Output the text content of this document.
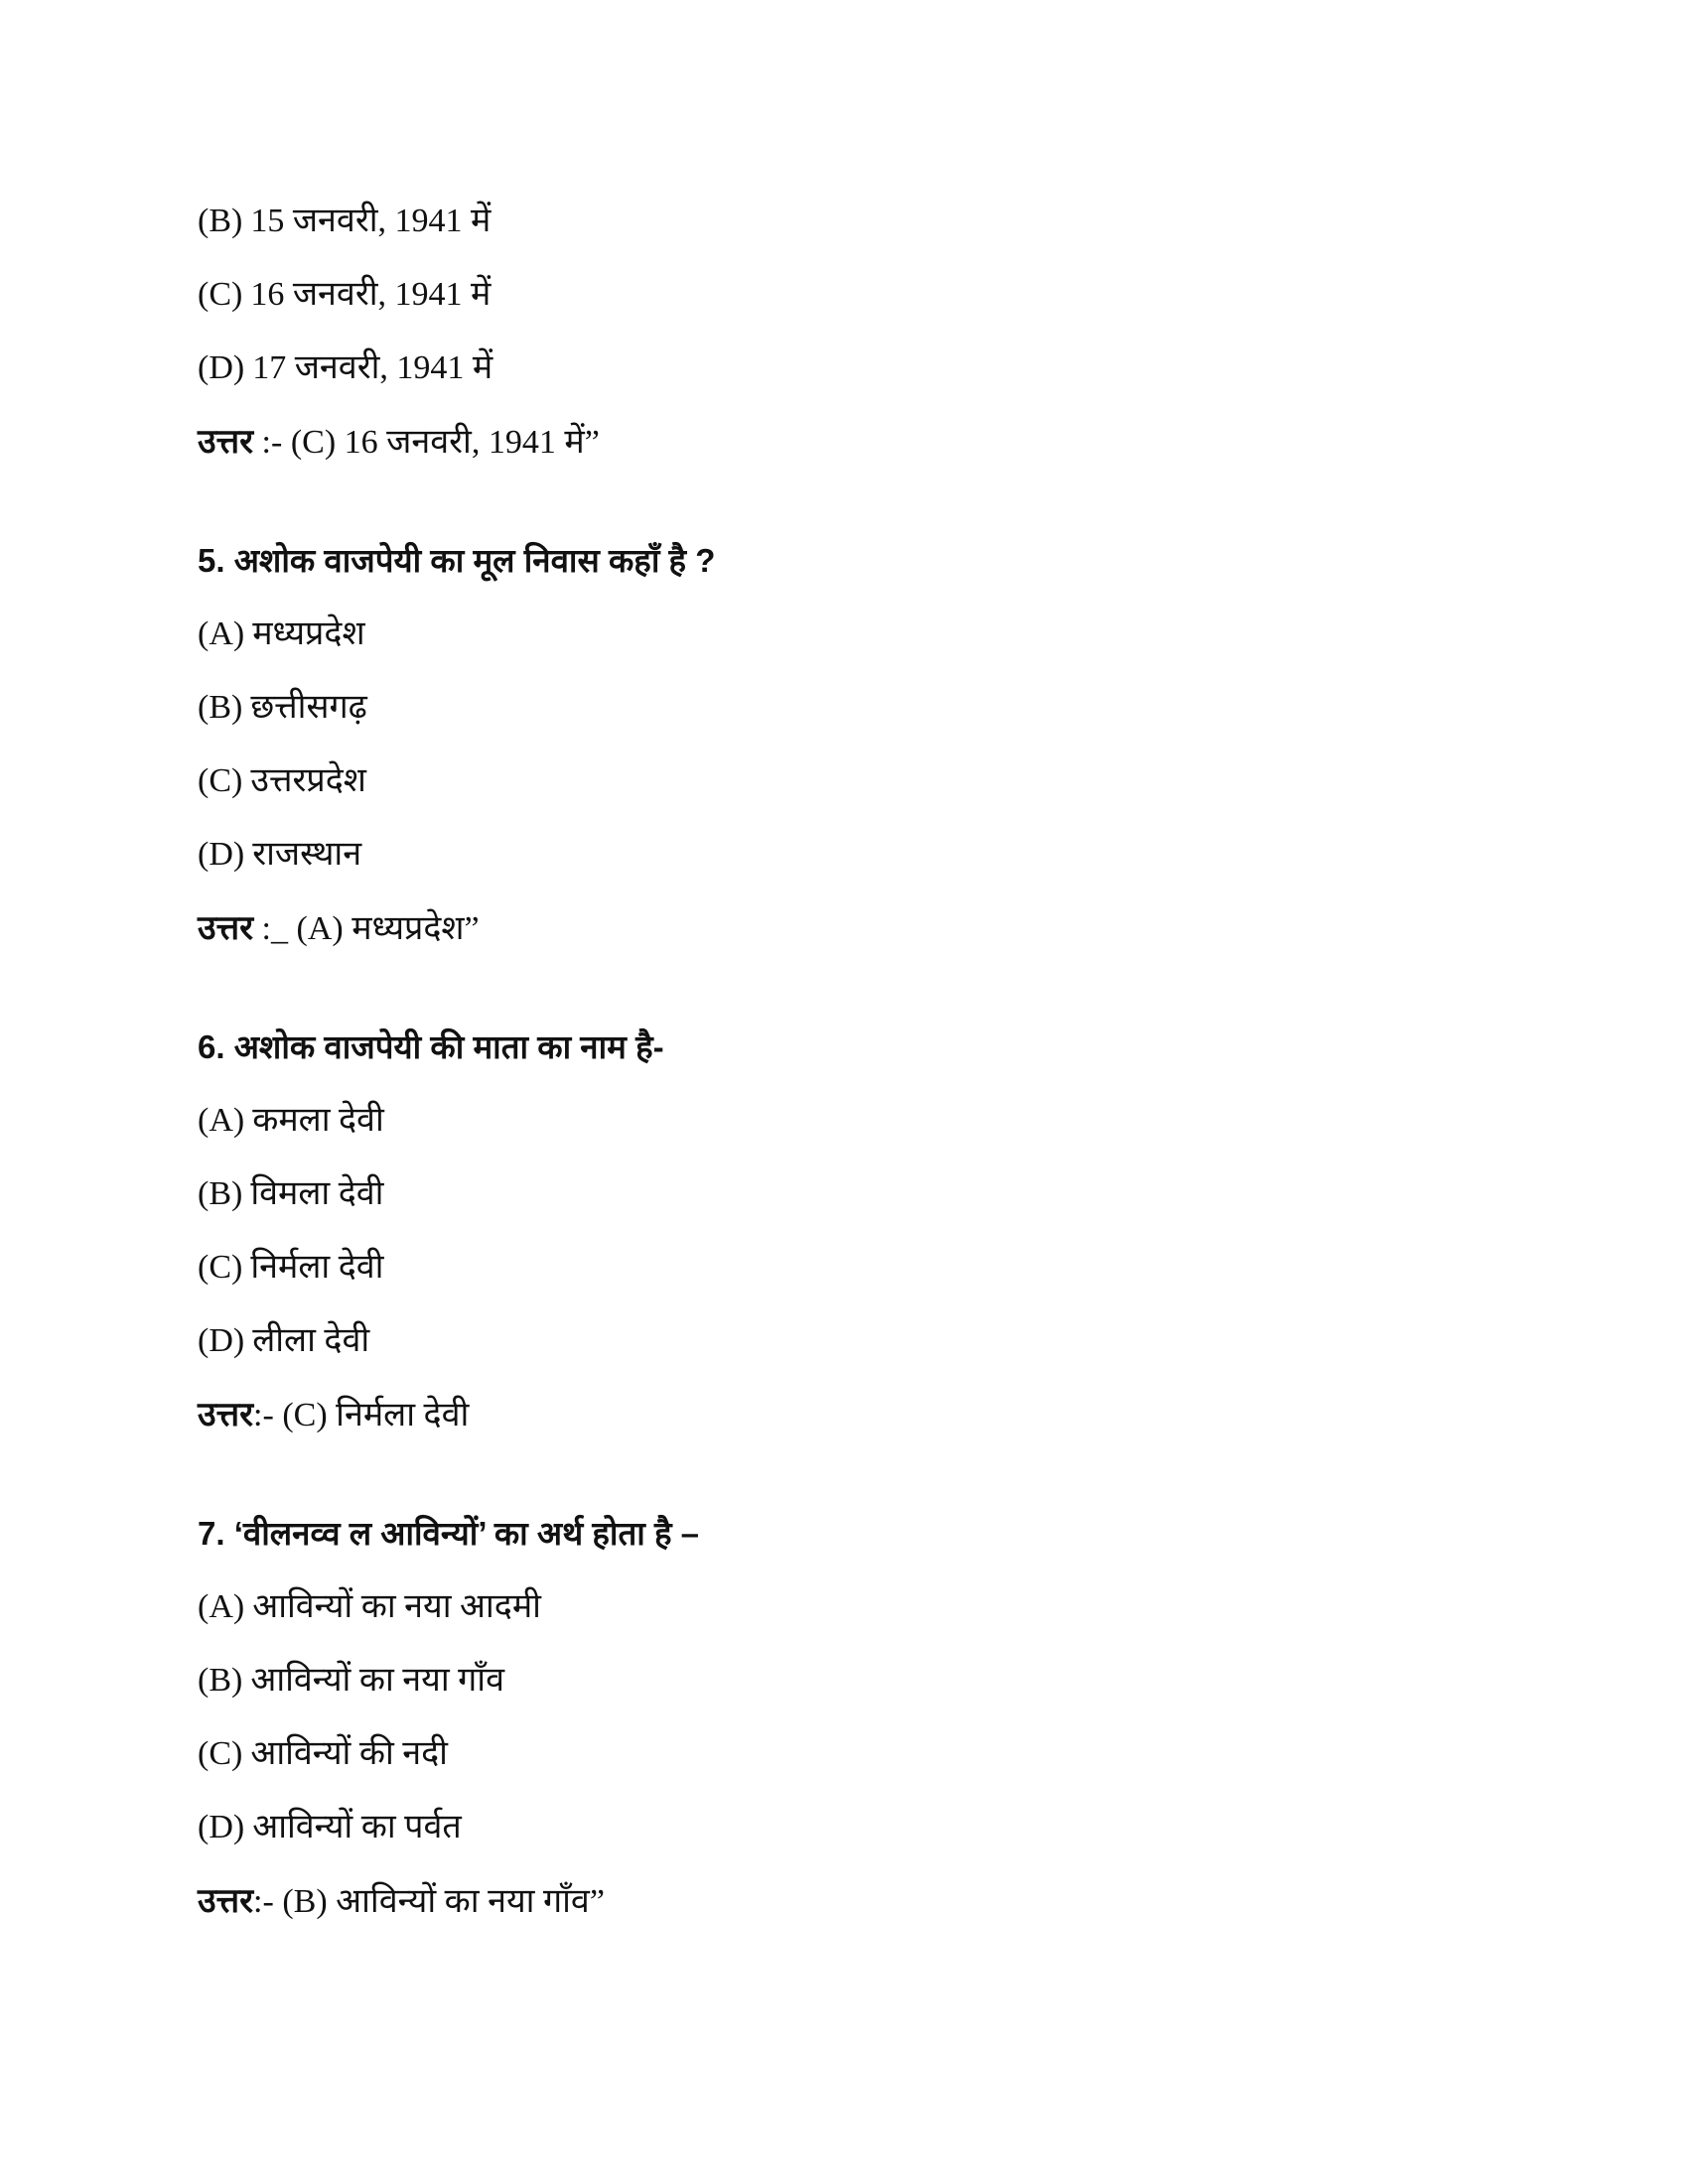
(B) 15 जनवरी, 1941 में
(C) 16 जनवरी, 1941 में
(D) 17 जनवरी, 1941 में
उत्तर :- (C) 16 जनवरी, 1941 में”
5. अशोक वाजपेयी का मूल निवास कहाँ है ?
(A) मध्यप्रदेश
(B) छत्तीसगढ़
(C) उत्तरप्रदेश
(D) राजस्थान
उत्तर :_ (A) मध्यप्रदेश”
6. अशोक वाजपेयी की माता का नाम है-
(A) कमला देवी
(B) विमला देवी
(C) निर्मला देवी
(D) लीला देवी
उत्तर:- (C) निर्मला देवी
7. ‘वीलनव्व ल आविन्यों’ का अर्थ होता है –
(A) आविन्यों का नया आदमी
(B) आविन्यों का नया गाँव
(C) आविन्यों की नदी
(D) आविन्यों का पर्वत
उत्तर:- (B) आविन्यों का नया गाँव”
